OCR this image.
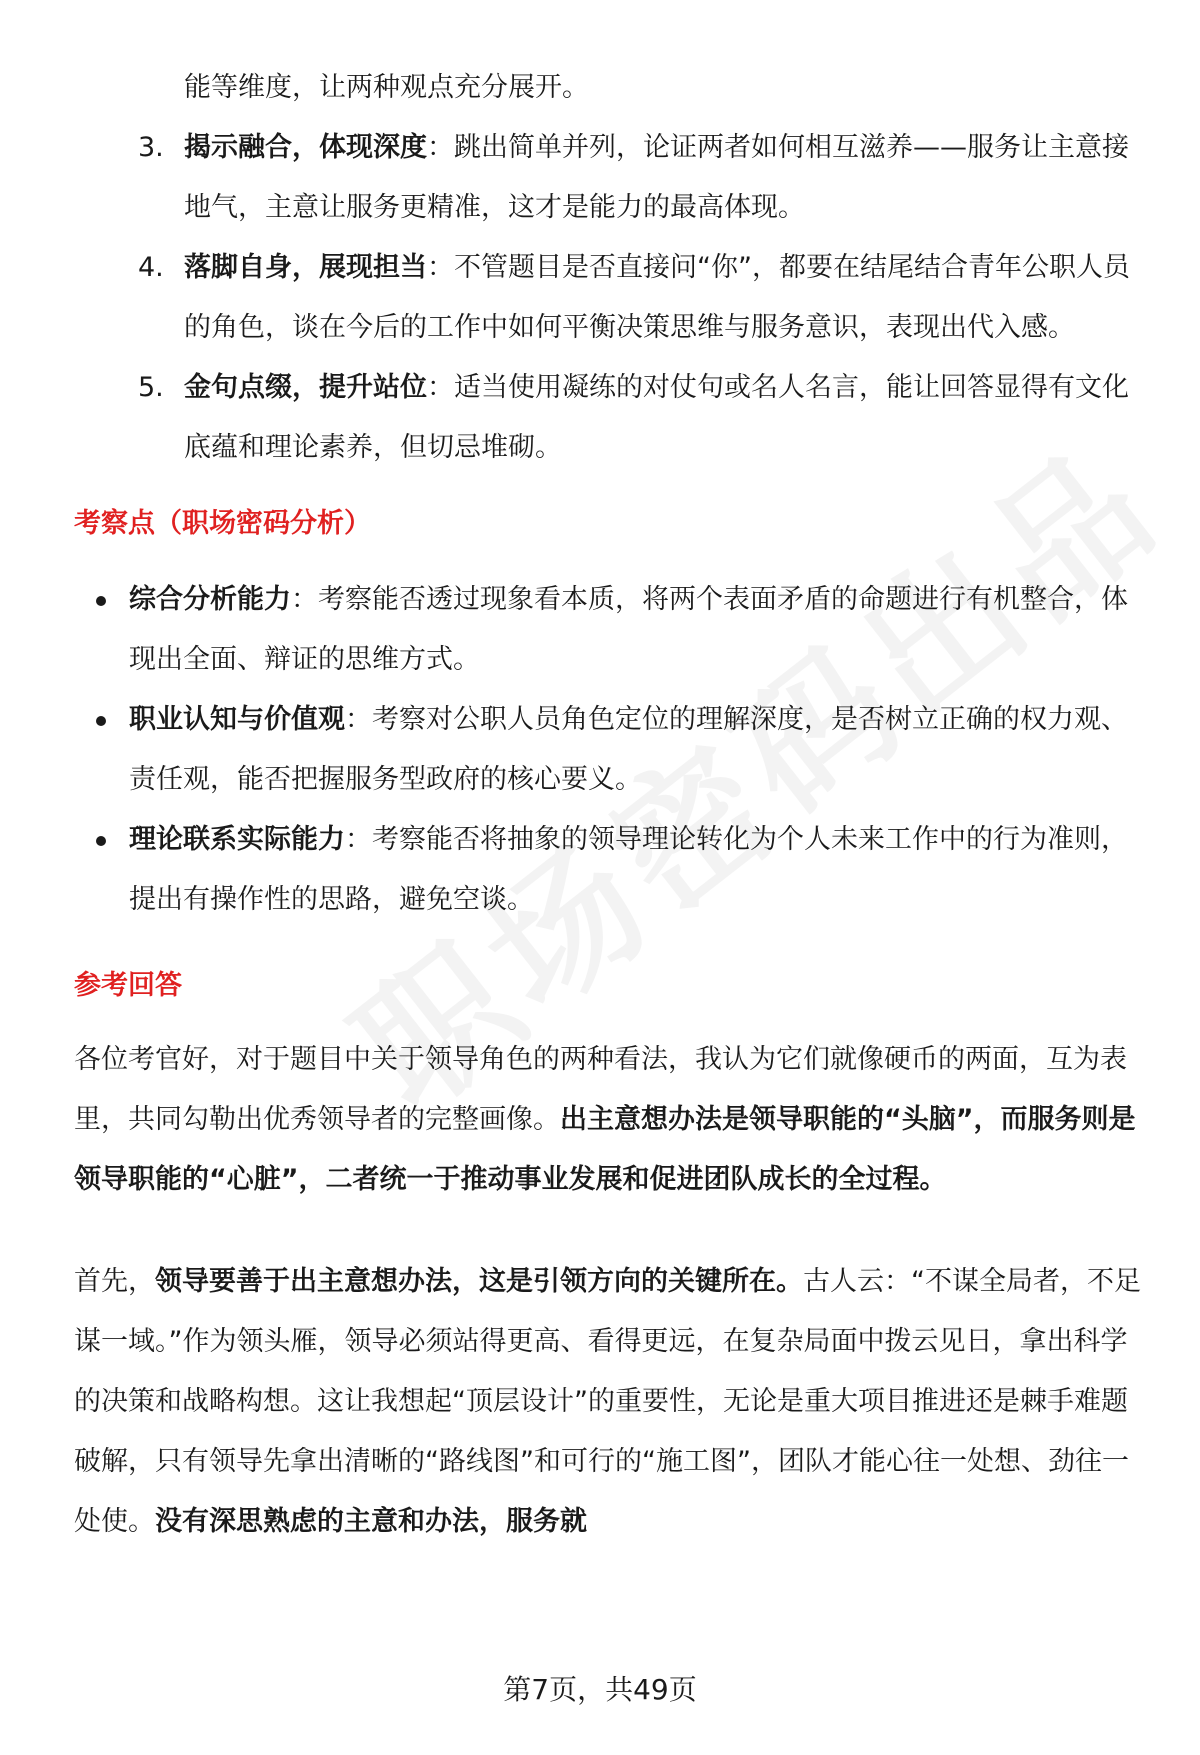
能等维度，让两种观点充分展开。
3. 揭示融合，体现深度：跳出简单并列，论证两者如何相互滋养——服务让主意接地气，主意让服务更精准，这才是能力的最高体现。
4. 落脚自身，展现担当：不管题目是否直接问“你”，都要在结尾结合青年公职人员的角色，谈在今后的工作中如何平衡决策思维与服务意识，表现出代入感。
5. 金句点缀，提升站位：适当使用凝练的对仗句或名人名言，能让回答显得有文化底蕴和理论素养，但切忌堆砌。
考察点（职场密码分析）
综合分析能力：考察能否透过现象看本质，将两个表面矛盾的命题进行有机整合，体现出全面、辩证的思维方式。
职业认知与价值观：考察对公职人员角色定位的理解深度，是否树立正确的权力观、责任观，能否把握服务型政府的核心要义。
理论联系实际能力：考察能否将抽象的领导理论转化为个人未来工作中的行为准则，提出有操作性的思路，避免空谈。
参考回答

各位考官好，对于题目中关于领导角色的两种看法，我认为它们就像硬币的两面，互为表里，共同勾勒出优秀领导者的完整画像。出主意想办法是领导职能的“头脑”，而服务则是领导职能的“心脏”，二者统一于推动事业发展和促进团队成长的全过程。

首先，领导要善于出主意想办法，这是引领方向的关键所在。古人云：“不谋全局者，不足谋一域。”作为领头雁，领导必须站得更高、看得更远，在复杂局面中拨云见日，拿出科学的决策和战略构想。这让我想起“顶层设计”的重要性，无论是重大项目推进还是棘手难题破解，只有领导先拿出清晰的“路线图”和可行的“施工图”，团队才能心往一处想、劲往一处使。没有深思熟虑的主意和办法，服务就

第7页，共49页
